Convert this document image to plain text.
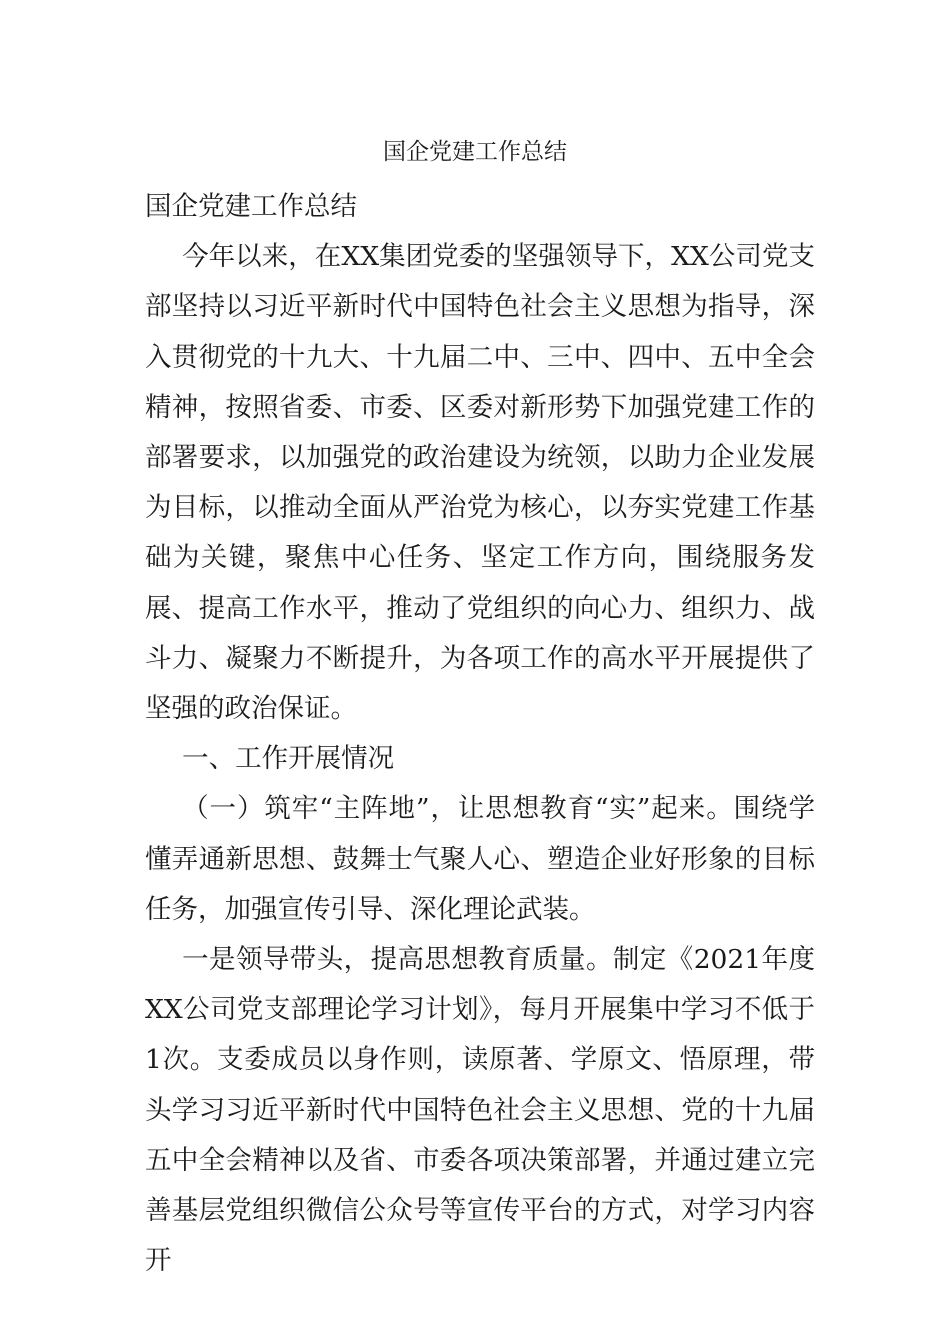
国企党建工作总结

国企党建工作总结

今年以来，在XX集团党委的坚强领导下，XX公司党支部坚持以习近平新时代中国特色社会主义思想为指导，深入贯彻党的十九大、十九届二中、三中、四中、五中全会精神，按照省委、市委、区委对新形势下加强党建工作的部署要求，以加强党的政治建设为统领，以助力企业发展为目标，以推动全面从严治党为核心，以夯实党建工作基础为关键，聚焦中心任务、坚定工作方向，围绕服务发展、提高工作水平，推动了党组织的向心力、组织力、战斗力、凝聚力不断提升，为各项工作的高水平开展提供了坚强的政治保证。

一、工作开展情况

（一）筑牢“主阵地”，让思想教育“实”起来。围绕学懂弄通新思想、鼓舞士气聚人心、塑造企业好形象的目标任务，加强宣传引导、深化理论武装。

一是领导带头，提高思想教育质量。制定《2021年度XX公司党支部理论学习计划》，每月开展集中学习不低于1次。支委成员以身作则，读原著、学原文、悟原理，带头学习习近平新时代中国特色社会主义思想、党的十九届五中全会精神以及省、市委各项决策部署，并通过建立完善基层党组织微信公众号等宣传平台的方式，对学习内容开
